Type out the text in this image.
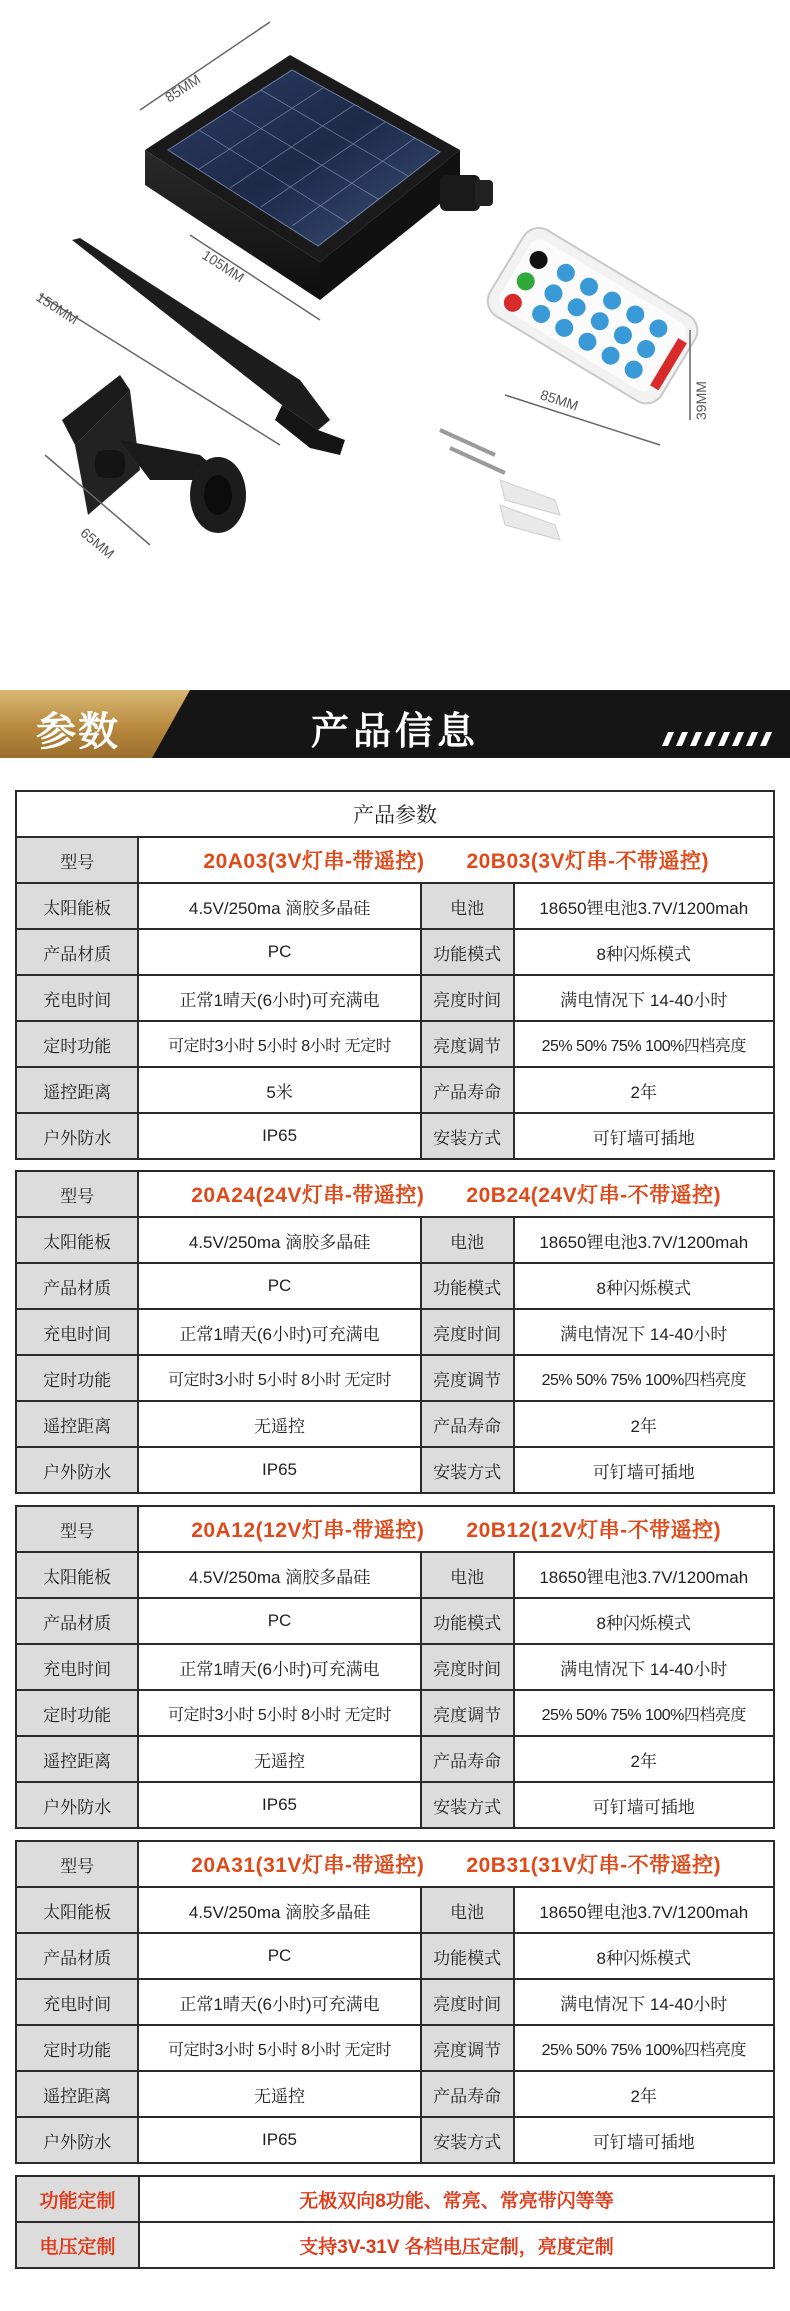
85MM
105MM
150MM
65MM
85MM	39MM
参数	产品信息
产品参数			
型号	20A03(3V灯串-带遥控) 20B03(3V灯串-不带遥控)		
太阳能板	4.5V/250ma 滴胶多晶硅	电池	18650锂电池3.7V/1200mah
产品材质	PC	功能模式	8种闪烁模式
充电时间	正常1晴天(6小时)可充满电	亮度时间	满电情况下 14-40小时
定时功能	可定时3小时 5小时 8小时 无定时	亮度调节	25% 50% 75% 100%四档亮度
遥控距离	5米	产品寿命	2年
户外防水	IP65	安装方式	可钉墙可插地
型号	20A24(24V灯串-带遥控) 20B24(24V灯串-不带遥控)		
太阳能板	4.5V/250ma 滴胶多晶硅	电池	18650锂电池3.7V/1200mah
产品材质	PC	功能模式	8种闪烁模式
充电时间	正常1晴天(6小时)可充满电	亮度时间	满电情况下 14-40小时
定时功能	可定时3小时 5小时 8小时 无定时	亮度调节	25% 50% 75% 100%四档亮度
遥控距离	无遥控	产品寿命	2年
户外防水	IP65	安装方式	可钉墙可插地
型号	20A12(12V灯串-带遥控) 20B12(12V灯串-不带遥控)		
太阳能板	4.5V/250ma 滴胶多晶硅	电池	18650锂电池3.7V/1200mah
产品材质	PC	功能模式	8种闪烁模式
充电时间	正常1晴天(6小时)可充满电	亮度时间	满电情况下 14-40小时
定时功能	可定时3小时 5小时 8小时 无定时	亮度调节	25% 50% 75% 100%四档亮度
遥控距离	无遥控	产品寿命	2年
户外防水	IP65	安装方式	可钉墙可插地
型号	20A31(31V灯串-带遥控) 20B31(31V灯串-不带遥控)		
太阳能板	4.5V/250ma 滴胶多晶硅	电池	18650锂电池3.7V/1200mah
产品材质	PC	功能模式	8种闪烁模式
充电时间	正常1晴天(6小时)可充满电	亮度时间	满电情况下 14-40小时
定时功能	可定时3小时 5小时 8小时 无定时	亮度调节	25% 50% 75% 100%四档亮度
遥控距离	无遥控	产品寿命	2年
户外防水	IP65	安装方式	可钉墙可插地
功能定制	无极双向8功能、常亮、常亮带闪等等
电压定制	支持3V-31V 各档电压定制，亮度定制
